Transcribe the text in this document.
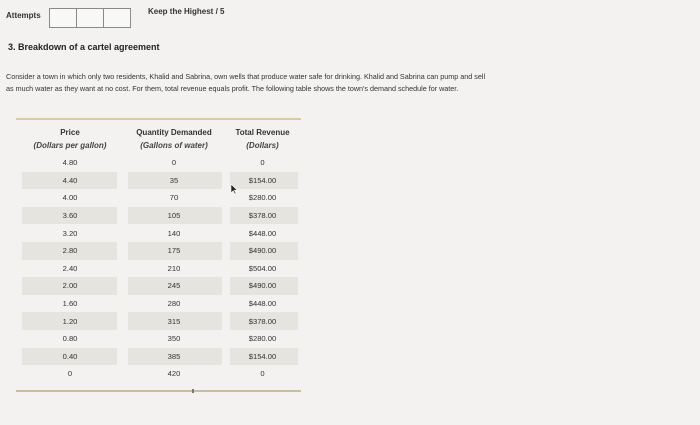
Attempts	Keep the Highest / 5
3. Breakdown of a cartel agreement
Consider a town in which only two residents, Khalid and Sabrina, own wells that produce water safe for drinking. Khalid and Sabrina can pump and sell
as much water as they want at no cost. For them, total revenue equals profit. The following table shows the town's demand schedule for water.
Price	Quantity Demanded	Total Revenue
(Dollars per gallon)	(Gallons of water)	(Dollars)
4.80	0	0
4.40	35	$154.00
4.00	70	$280.00
3.60	105	$378.00
3.20	140	$448.00
2.80	175	$490.00
2.40	210	$504.00
2.00	245	$490.00
1.60	280	$448.00
1.20	315	$378.00
0.80	350	$280.00
0.40	385	$154.00
0	420	0
